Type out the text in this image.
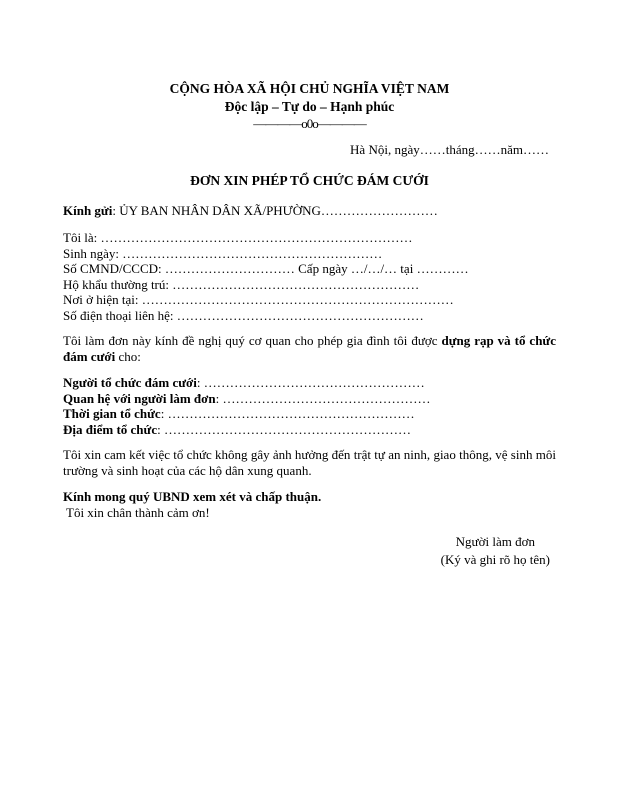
CỘNG HÒA XÃ HỘI CHỦ NGHĨA VIỆT NAM
Độc lập – Tự do – Hạnh phúc
————o0o————
Hà Nội, ngày……tháng……năm……
ĐƠN XIN PHÉP TỔ CHỨC ĐÁM CƯỚI
Kính gửi: ỦY BAN NHÂN DÂN XÃ/PHƯỜNG………………………
Tôi là: ………………………………………………………………
Sinh ngày: ……………………………………………………
Số CMND/CCCD: ………………………… Cấp ngày …/…/… tại …………
Hộ khẩu thường trú: …………………………………………………
Nơi ở hiện tại: ………………………………………………………………
Số điện thoại liên hệ: …………………………………………………

Tôi làm đơn này kính đề nghị quý cơ quan cho phép gia đình tôi được dựng rạp và tổ chức đám cưới cho:

Người tổ chức đám cưới: ……………………………………………
Quan hệ với người làm đơn: …………………………………………
Thời gian tổ chức: …………………………………………………
Địa điểm tổ chức: …………………………………………………

Tôi xin cam kết việc tổ chức không gây ảnh hưởng đến trật tự an ninh, giao thông, vệ sinh môi trường và sinh hoạt của các hộ dân xung quanh.

Kính mong quý UBND xem xét và chấp thuận.
Tôi xin chân thành cảm ơn!
Người làm đơn
(Ký và ghi rõ họ tên)
